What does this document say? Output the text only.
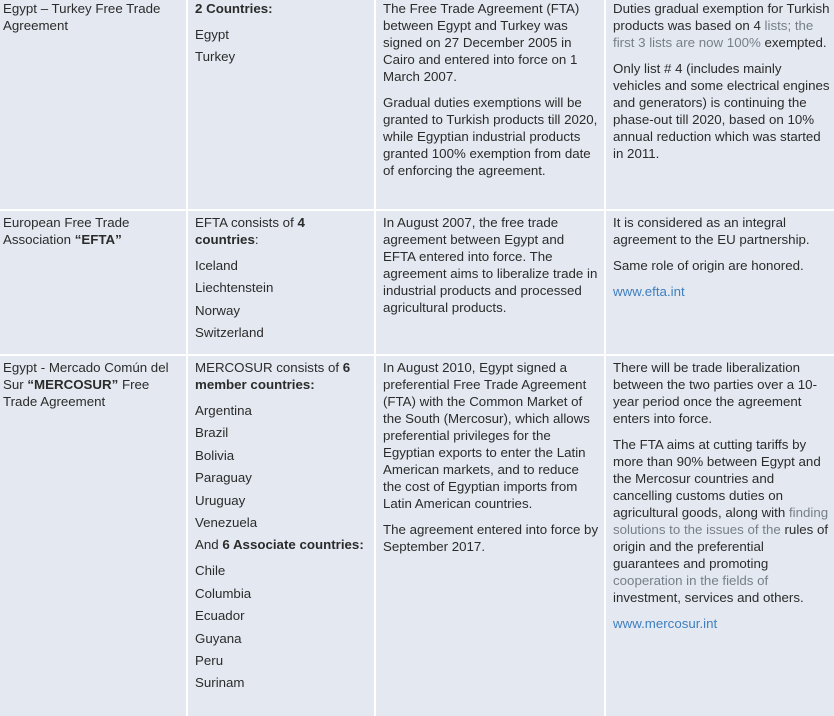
Egypt – Turkey Free Trade Agreement

2 Countries:

Egypt

Turkey

The Free Trade Agreement (FTA) between Egypt and Turkey was signed on 27 December 2005 in Cairo and entered into force on 1 March 2007.

Gradual duties exemptions will be granted to Turkish products till 2020, while Egyptian industrial products granted 100% exemption from date of enforcing the agreement.

Duties gradual exemption for Turkish products was based on 4 lists; the first 3 lists are now 100% exempted.

Only list # 4 (includes mainly vehicles and some electrical engines and generators) is continuing the phase-out till 2020, based on 10% annual reduction which was started in 2011.

European Free Trade Association “EFTA”

EFTA consists of 4 countries:

Iceland

Liechtenstein

Norway

Switzerland

In August 2007, the free trade agreement between Egypt and EFTA entered into force. The agreement aims to liberalize trade in industrial products and processed agricultural products.

It is considered as an integral agreement to the EU partnership.

Same role of origin are honored.

www.efta.int

Egypt - Mercado Común del Sur “MERCOSUR” Free Trade Agreement

MERCOSUR consists of 6 member countries:

Argentina

Brazil

Bolivia

Paraguay

Uruguay

Venezuela

And 6 Associate countries:

Chile

Columbia

Ecuador

Guyana

Peru

Surinam

In August 2010, Egypt signed a preferential Free Trade Agreement (FTA) with the Common Market of the South (Mercosur), which allows preferential privileges for the Egyptian exports to enter the Latin American markets, and to reduce the cost of Egyptian imports from Latin American countries.

The agreement entered into force by September 2017.

There will be trade liberalization between the two parties over a 10-year period once the agreement enters into force.

The FTA aims at cutting tariffs by more than 90% between Egypt and the Mercosur countries and cancelling customs duties on agricultural goods, along with finding solutions to the issues of the rules of origin and the preferential guarantees and promoting cooperation in the fields of investment, services and others.

www.mercosur.int
